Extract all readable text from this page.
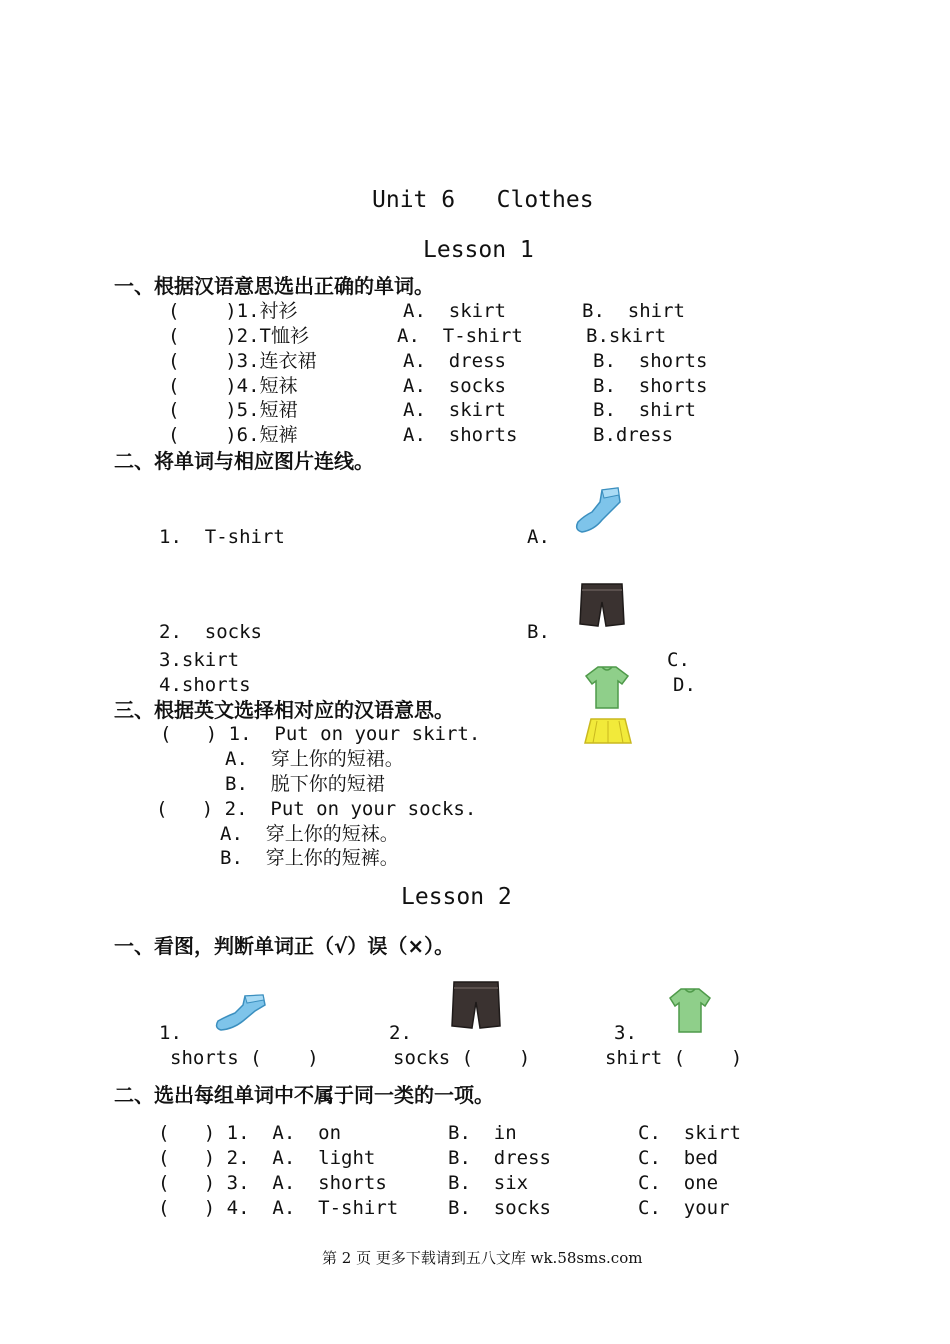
Unit 6   Clothes
Lesson 1
一、根据汉语意思选出正确的单词。
(    )1.衬衫	A.  skirt	B.  shirt
(    )2.T恤衫	A.  T-shirt	B.skirt
(    )3.连衣裙	A.  dress	B.  shorts
(    )4.短袜	A.  socks	B.  shorts
(    )5.短裙	A.  skirt	B.  shirt
(    )6.短裤	A.  shorts	B.dress
二、将单词与相应图片连线。
1.  T-shirt
2.  socks
3.skirt
4.shorts
A.
B.
C.
D.
三、根据英文选择相对应的汉语意思。
(   ) 1.  Put on your skirt.
A.  穿上你的短裙。
B.  脱下你的短裙
(   ) 2.  Put on your socks.
A.  穿上你的短袜。
B.  穿上你的短裤。
Lesson 2
一、看图，判断单词正（√）误（×）。
1.	2.	3.
shorts (    )	socks (    )	shirt (    )
二、选出每组单词中不属于同一类的一项。
(   ) 1.  A.  on	B.  in	C.  skirt
(   ) 2.  A.  light	B.  dress	C.  bed
(   ) 3.  A.  shorts	B.  six	C.  one
(   ) 4.  A.  T-shirt	B.  socks	C.  your
第 2 页 更多下载请到五八文库 wk.58sms.com
